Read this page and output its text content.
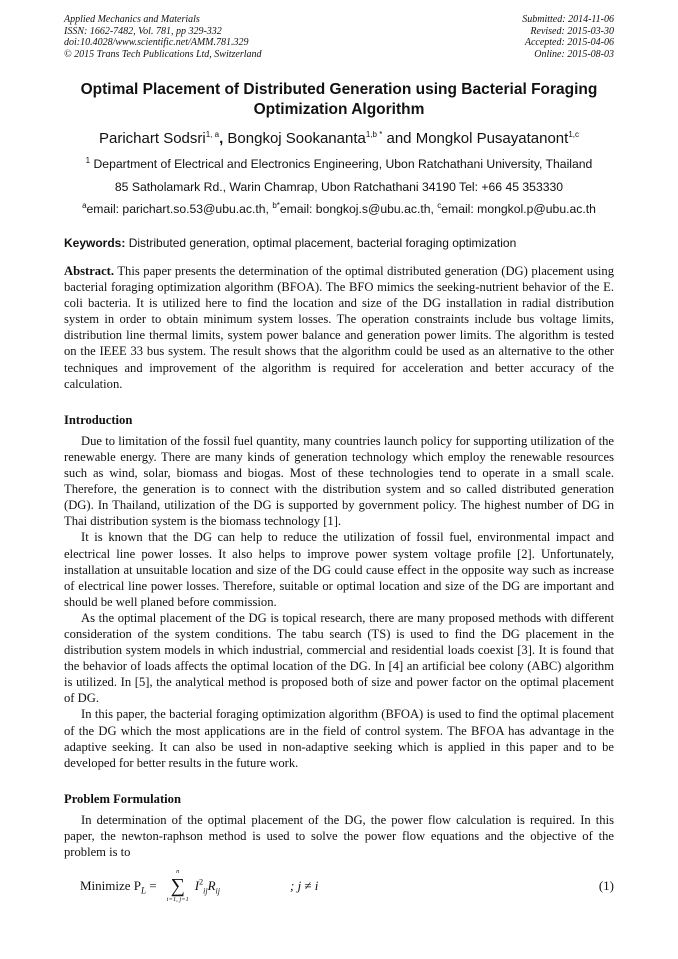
Applied Mechanics and Materials
ISSN: 1662-7482, Vol. 781, pp 329-332
doi:10.4028/www.scientific.net/AMM.781.329
© 2015 Trans Tech Publications Ltd, Switzerland
Submitted: 2014-11-06
Revised: 2015-03-30
Accepted: 2015-04-06
Online: 2015-08-03
Optimal Placement of Distributed Generation using Bacterial Foraging Optimization Algorithm
Parichart Sodsri$^{1, a}$, Bongkoj Sookananta$^{1,b *}$ and Mongkol Pusayatanont$^{1,c}$
$^1$ Department of Electrical and Electronics Engineering, Ubon Ratchathani University, Thailand
85 Satholamark Rd., Warin Chamrap, Ubon Ratchathani 34190 Tel: +66 45 353330
$^a$email: parichart.so.53@ubu.ac.th, $^{b*}$email: bongkoj.s@ubu.ac.th, $^c$email: mongkol.p@ubu.ac.th
Keywords: Distributed generation, optimal placement, bacterial foraging optimization

Abstract. This paper presents the determination of the optimal distributed generation (DG) placement using bacterial foraging optimization algorithm (BFOA). The BFO mimics the seeking-nutrient behavior of the E. coli bacteria. It is utilized here to find the location and size of the DG installation in radial distribution system in order to obtain minimum system losses. The operation constraints include bus voltage limits, distribution line thermal limits, system power balance and generation power limits. The algorithm is tested on the IEEE 33 bus system. The result shows that the algorithm could be used as an alternative to the other techniques and improvement of the algorithm is required for acceleration and better accuracy of the calculation.

Introduction

Due to limitation of the fossil fuel quantity, many countries launch policy for supporting utilization of the renewable energy. There are many kinds of generation technology which employ the renewable resources such as wind, solar, biomass and biogas. Most of these technologies tend to operate in a small scale. Therefore, the generation is to connect with the distribution system and so called distributed generation (DG). In Thailand, utilization of the DG is supported by government policy. The highest number of DG in Thai distribution system is the biomass technology [1].

It is known that the DG can help to reduce the utilization of fossil fuel, environmental impact and electrical line power losses. It also helps to improve power system voltage profile [2]. Unfortunately, installation at unsuitable location and size of the DG could cause effect in the opposite way such as increase of electrical line power losses. Therefore, suitable or optimal location and size of the DG are important and should be well planed before commission.

As the optimal placement of the DG is topical research, there are many proposed methods with different consideration of the system conditions. The tabu search (TS) is used to find the DG placement in the distribution system models in which industrial, commercial and residential loads coexist [3]. It is found that the behavior of loads affects the optimal location of the DG. In [4] an artificial bee colony (ABC) algorithm is utilized. In [5], the analytical method is proposed both of size and power factor on the optimal placement of DG.

In this paper, the bacterial foraging optimization algorithm (BFOA) is used to find the optimal placement of the DG which the most applications are in the field of control system. The BFOA has advantage in the adaptive seeking. It can also be used in non-adaptive seeking which is applied in this paper and to be developed for better results in the future work.

Problem Formulation

In determination of the optimal placement of the DG, the power flow calculation is required. In this paper, the newton-raphson method is used to solve the power flow equations and the objective of the problem is to

Minimize $P_L$ =
n
∑
i=1, j=1
$I^2_{ij}R_{ij}$	; j ≠ i	(1)
